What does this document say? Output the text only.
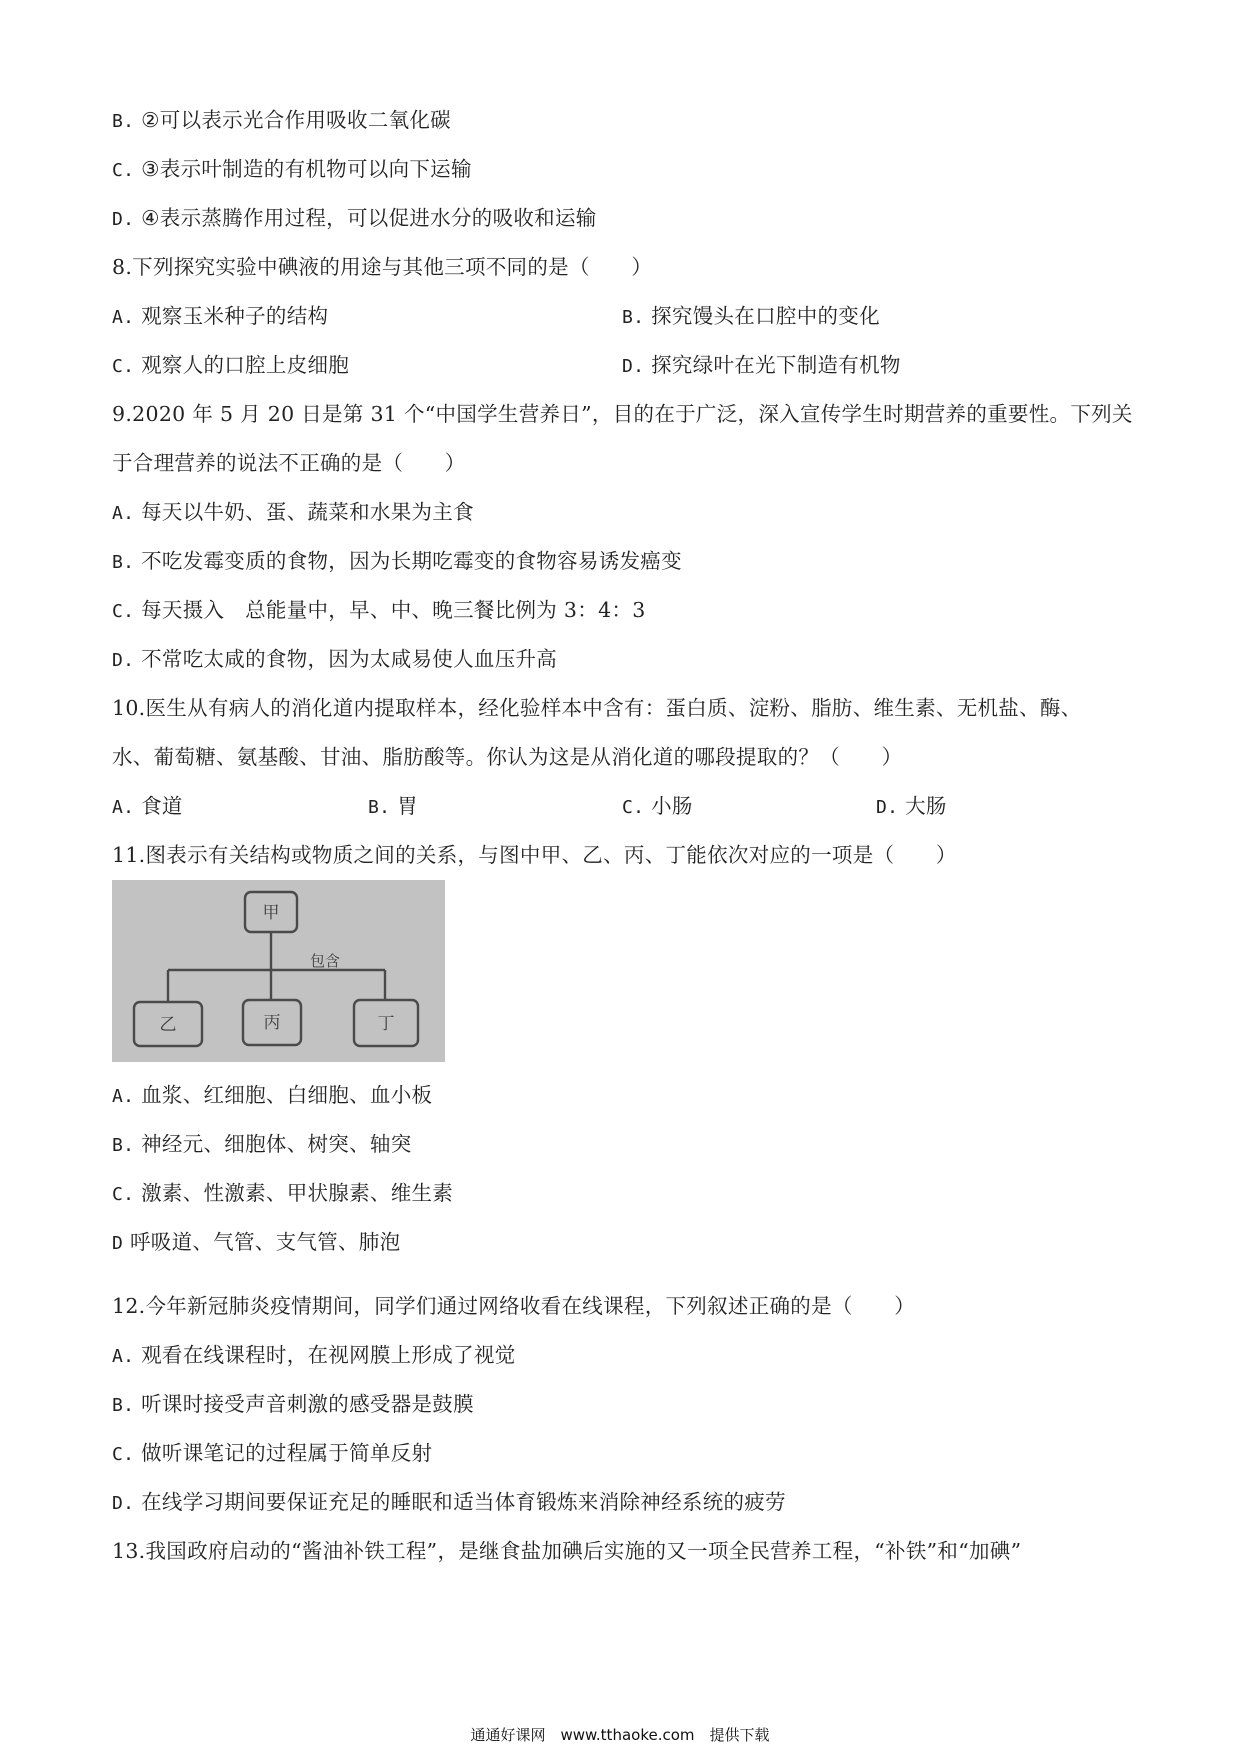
B. ②可以表示光合作用吸收二氧化碳
C. ③表示叶制造的有机物可以向下运输
D. ④表示蒸腾作用过程，可以促进水分的吸收和运输
8.下列探究实验中碘液的用途与其他三项不同的是（　　）
A. 观察玉米种子的结构	B. 探究馒头在口腔中的变化
C. 观察人的口腔上皮细胞	D. 探究绿叶在光下制造有机物
9.2020 年 5 月 20 日是第 31 个“中国学生营养日”，目的在于广泛，深入宣传学生时期营养的重要性。下列关
于合理营养的说法不正确的是（　　）
A. 每天以牛奶、蛋、蔬菜和水果为主食
B. 不吃发霉变质的食物，因为长期吃霉变的食物容易诱发癌变
C. 每天摄入　总能量中，早、中、晚三餐比例为 3：4：3
D. 不常吃太咸的食物，因为太咸易使人血压升高
10.医生从有病人的消化道内提取样本，经化验样本中含有：蛋白质、淀粉、脂肪、维生素、无机盐、酶、
水、葡萄糖、氨基酸、甘油、脂肪酸等。你认为这是从消化道的哪段提取的？（　　）
A. 食道	B. 胃	C. 小肠	D. 大肠
11.图表示有关结构或物质之间的关系，与图中甲、乙、丙、丁能依次对应的一项是（　　）
甲
包含
乙	丙	丁
A. 血浆、红细胞、白细胞、血小板
B. 神经元、细胞体、树突、轴突
C. 激素、性激素、甲状腺素、维生素
D 呼吸道、气管、支气管、肺泡
12.今年新冠肺炎疫情期间，同学们通过网络收看在线课程，下列叙述正确的是（　　）
A. 观看在线课程时，在视网膜上形成了视觉
B. 听课时接受声音刺激的感受器是鼓膜
C. 做听课笔记的过程属于简单反射
D. 在线学习期间要保证充足的睡眠和适当体育锻炼来消除神经系统的疲劳
13.我国政府启动的“酱油补铁工程”，是继食盐加碘后实施的又一项全民营养工程，“补铁”和“加碘”
通通好课网　www.tthaoke.com　提供下载
